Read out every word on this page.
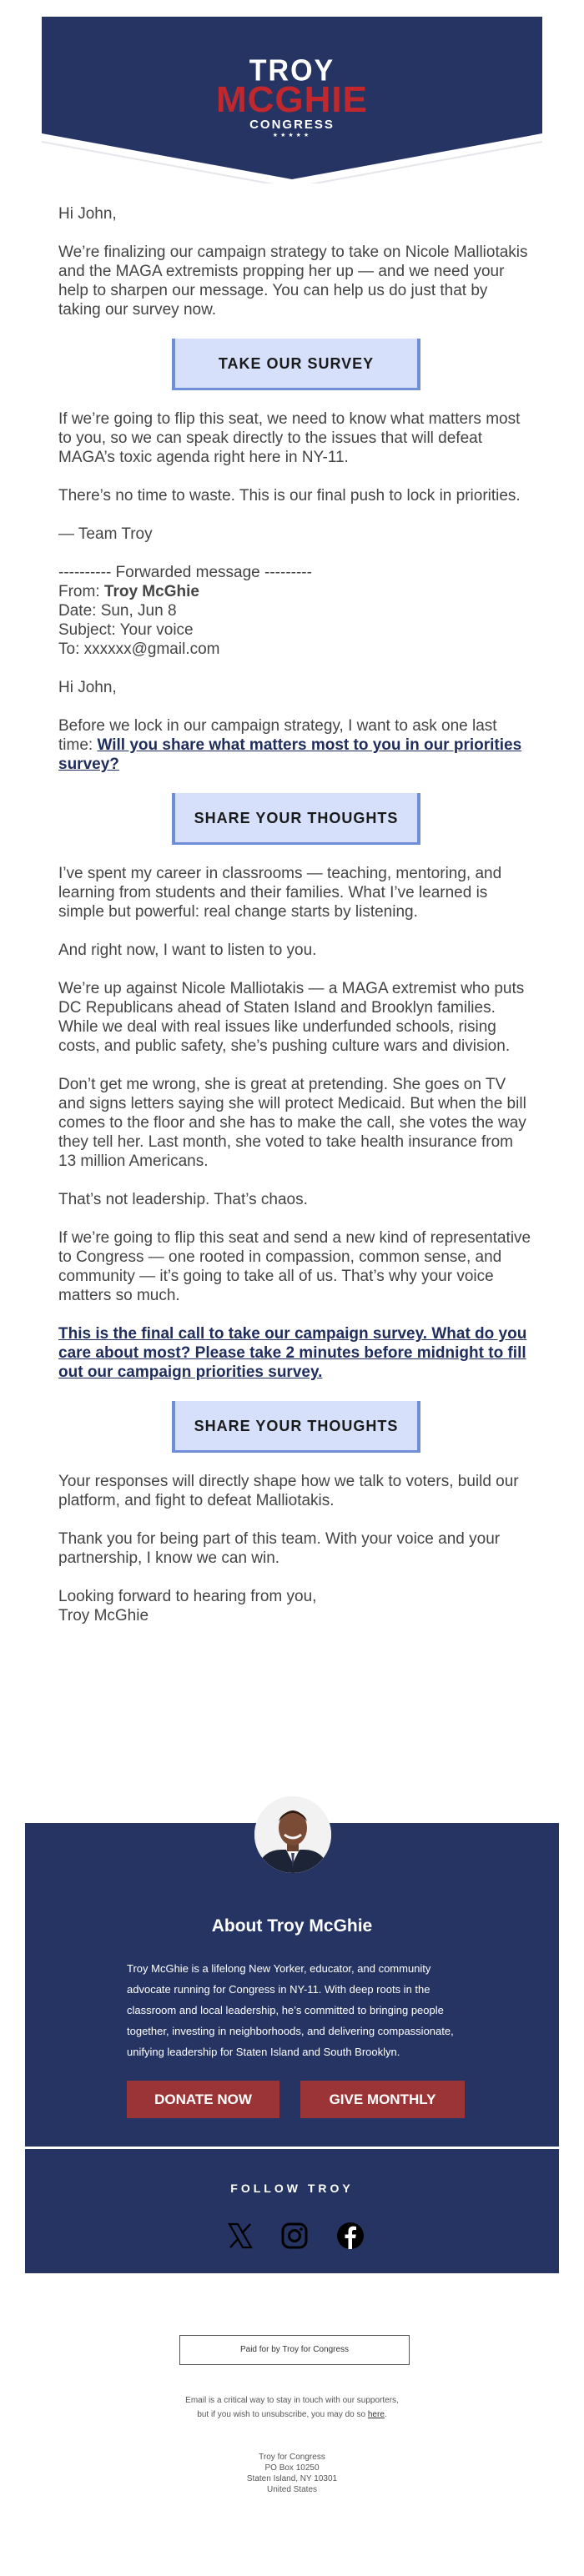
TROY
MCGHIE
CONGRESS
★★★★★

Hi John,

We’re finalizing our campaign strategy to take on Nicole Malliotakis and the MAGA extremists propping her up — and we need your help to sharpen our message. You can help us do just that by taking our survey now.

TAKE OUR SURVEY

If we’re going to flip this seat, we need to know what matters most to you, so we can speak directly to the issues that will defeat MAGA’s toxic agenda right here in NY-11.

There’s no time to waste. This is our final push to lock in priorities.

— Team Troy

---------- Forwarded message ---------

From: Troy McGhie

Date: Sun, Jun 8

Subject: Your voice

To: xxxxxx@gmail.com

Hi John,

Before we lock in our campaign strategy, I want to ask one last time: Will you share what matters most to you in our priorities survey?

SHARE YOUR THOUGHTS

I’ve spent my career in classrooms — teaching, mentoring, and learning from students and their families. What I’ve learned is simple but powerful: real change starts by listening.

And right now, I want to listen to you.

We’re up against Nicole Malliotakis — a MAGA extremist who puts DC Republicans ahead of Staten Island and Brooklyn families. While we deal with real issues like underfunded schools, rising costs, and public safety, she’s pushing culture wars and division.

Don’t get me wrong, she is great at pretending. She goes on TV and signs letters saying she will protect Medicaid. But when the bill comes to the floor and she has to make the call, she votes the way they tell her. Last month, she voted to take health insurance from 13 million Americans.

That’s not leadership. That’s chaos.

If we’re going to flip this seat and send a new kind of representative to Congress — one rooted in compassion, common sense, and community — it’s going to take all of us. That’s why your voice matters so much.

This is the final call to take our campaign survey. What do you care about most? Please take 2 minutes before midnight to fill out our campaign priorities survey.

SHARE YOUR THOUGHTS

Your responses will directly shape how we talk to voters, build our platform, and fight to defeat Malliotakis.

Thank you for being part of this team. With your voice and your partnership, I know we can win.

Looking forward to hearing from you,

Troy McGhie

About Troy McGhie
Troy McGhie is a lifelong New Yorker, educator, and community advocate running for Congress in NY-11. With deep roots in the classroom and local leadership, he’s committed to bringing people together, investing in neighborhoods, and delivering compassionate, unifying leadership for Staten Island and South Brooklyn.
DONATE NOW	GIVE MONTHLY
FOLLOW TROY
Paid for by Troy for Congress
Email is a critical way to stay in touch with our supporters, but if you wish to unsubscribe, you may do so here.
Troy for Congress
PO Box 10250
Staten Island, NY 10301
United States
